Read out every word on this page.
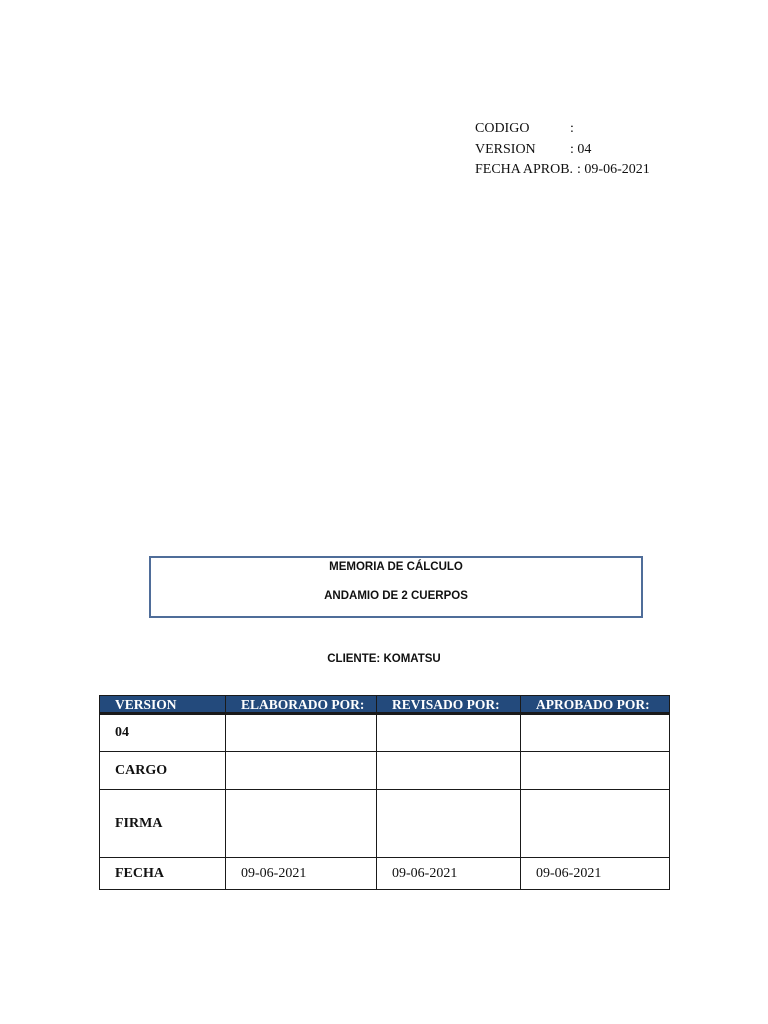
CODIGO	:
VERSION	: 04
FECHA APROB. : 09-06-2021
MEMORIA DE CÁLCULO
ANDAMIO DE 2 CUERPOS
CLIENTE: KOMATSU
VERSION	ELABORADO POR:	REVISADO POR:	APROBADO POR:
04			
CARGO			
FIRMA			
FECHA	09-06-2021	09-06-2021	09-06-2021
